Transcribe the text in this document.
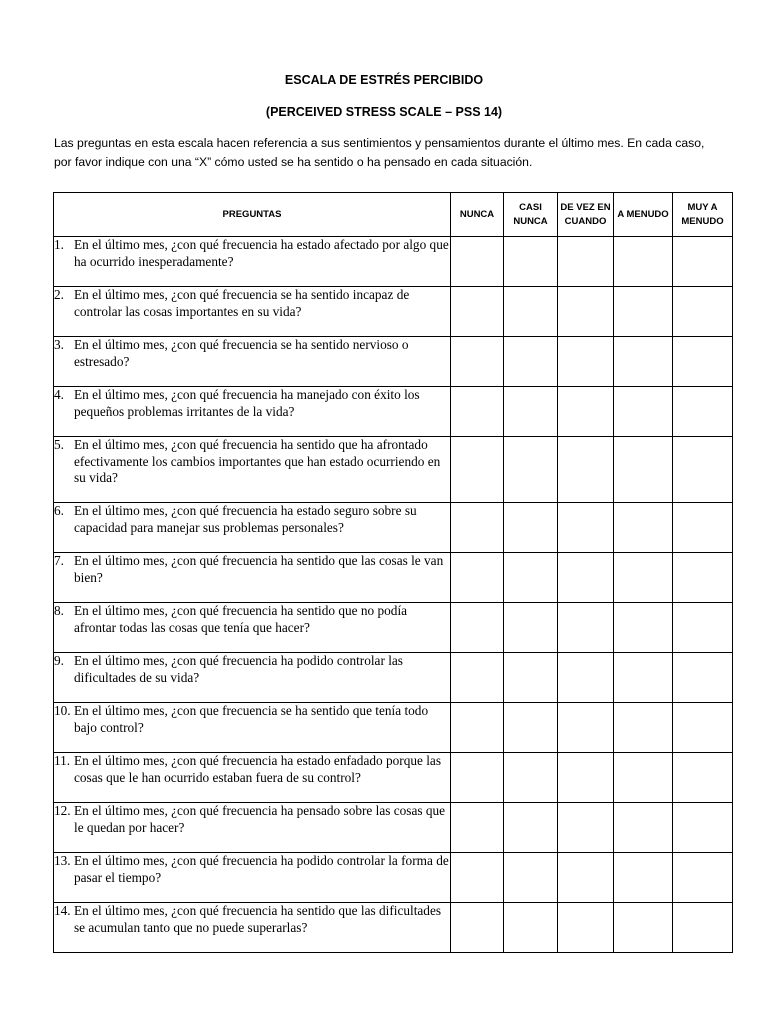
ESCALA DE ESTRÉS PERCIBIDO
(PERCEIVED STRESS SCALE – PSS 14)
Las preguntas en esta escala hacen referencia a sus sentimientos y pensamientos durante el último mes. En cada caso, por favor indique con una “X” cómo usted se ha sentido o ha pensado en cada situación.
PREGUNTAS	NUNCA	CASI NUNCA	DE VEZ EN CUANDO	A MENUDO	MUY A MENUDO

1. En el último mes, ¿con qué frecuencia ha estado afectado por algo que ha ocurrido inesperadamente?					

2. En el último mes, ¿con qué frecuencia se ha sentido incapaz de controlar las cosas importantes en su vida?					

3. En el último mes, ¿con qué frecuencia se ha sentido nervioso o estresado?					

4. En el último mes, ¿con qué frecuencia ha manejado con éxito los pequeños problemas irritantes de la vida?					

5. En el último mes, ¿con qué frecuencia ha sentido que ha afrontado efectivamente los cambios importantes que han estado ocurriendo en su vida?					

6. En el último mes, ¿con qué frecuencia ha estado seguro sobre su capacidad para manejar sus problemas personales?					

7. En el último mes, ¿con qué frecuencia ha sentido que las cosas le van bien?					

8. En el último mes, ¿con qué frecuencia ha sentido que no podía afrontar todas las cosas que tenía que hacer?					

9. En el último mes, ¿con qué frecuencia ha podido controlar las dificultades de su vida?					

10. En el último mes, ¿con que frecuencia se ha sentido que tenía todo bajo control?					

11. En el último mes, ¿con qué frecuencia ha estado enfadado porque las cosas que le han ocurrido estaban fuera de su control?					

12. En el último mes, ¿con qué frecuencia ha pensado sobre las cosas que le quedan por hacer?					

13. En el último mes, ¿con qué frecuencia ha podido controlar la forma de pasar el tiempo?					

14. En el último mes, ¿con qué frecuencia ha sentido que las dificultades se acumulan tanto que no puede superarlas?					
